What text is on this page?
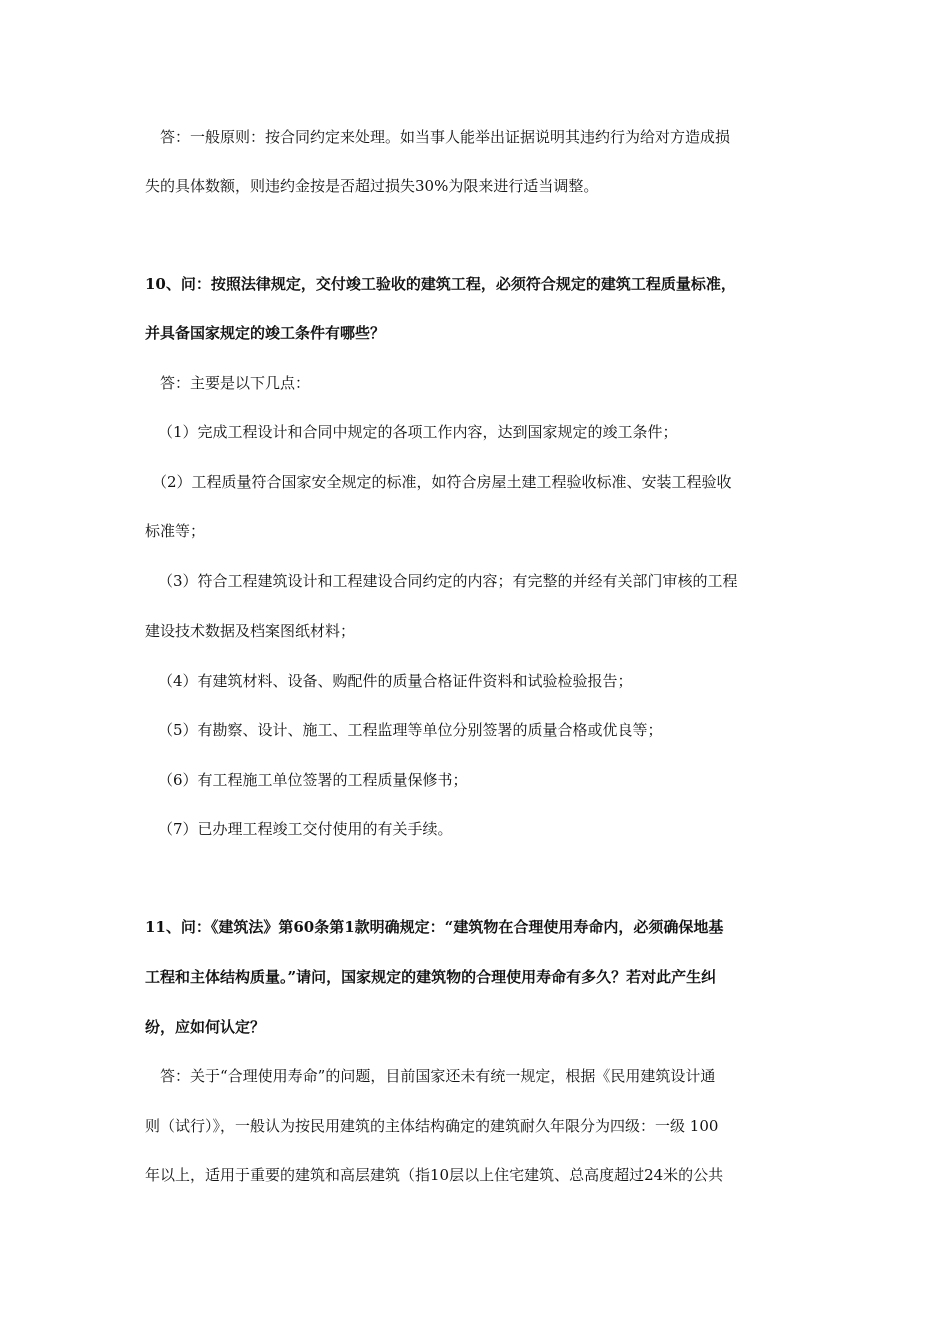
答：一般原则：按合同约定来处理。如当事人能举出证据说明其违约行为给对方造成损
失的具体数额，则违约金按是否超过损失30%为限来进行适当调整。
10、问：按照法律规定，交付竣工验收的建筑工程，必须符合规定的建筑工程质量标准，
并具备国家规定的竣工条件有哪些？
答：主要是以下几点：
（1）完成工程设计和合同中规定的各项工作内容，达到国家规定的竣工条件；
（2）工程质量符合国家安全规定的标准，如符合房屋土建工程验收标准、安装工程验收
标准等；
（3）符合工程建筑设计和工程建设合同约定的内容；有完整的并经有关部门审核的工程
建设技术数据及档案图纸材料；
（4）有建筑材料、设备、购配件的质量合格证件资料和试验检验报告；
（5）有勘察、设计、施工、工程监理等单位分别签署的质量合格或优良等；
（6）有工程施工单位签署的工程质量保修书；
（7）已办理工程竣工交付使用的有关手续。
11、问：《建筑法》第60条第1款明确规定：“建筑物在合理使用寿命内，必须确保地基
工程和主体结构质量。”请问，国家规定的建筑物的合理使用寿命有多久？若对此产生纠
纷，应如何认定？
答：关于“合理使用寿命”的问题，目前国家还未有统一规定，根据《民用建筑设计通
则（试行）》，一般认为按民用建筑的主体结构确定的建筑耐久年限分为四级：一级 100
年以上，适用于重要的建筑和高层建筑（指10层以上住宅建筑、总高度超过24米的公共
